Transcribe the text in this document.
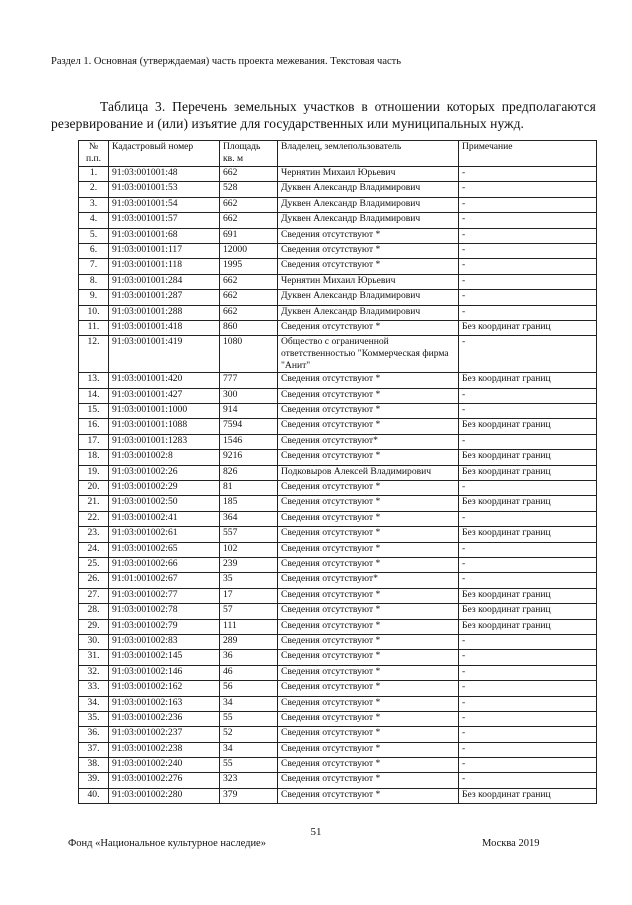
Раздел 1. Основная (утверждаемая) часть проекта межевания. Текстовая часть
Таблица 3. Перечень земельных участков в отношении которых предполагаются резервирование и (или) изъятие для государственных или муниципальных нужд.
№ п.п.	Кадастровый номер	Площадь кв. м	Владелец, землепользователь	Примечание
1.	91:03:001001:48	662	Чернятин Михаил Юрьевич	-
2.	91:03:001001:53	528	Дуквен Александр Владимирович	-
3.	91:03:001001:54	662	Дуквен Александр Владимирович	-
4.	91:03:001001:57	662	Дуквен Александр Владимирович	-
5.	91:03:001001:68	691	Сведения отсутствуют *	-
6.	91:03:001001:117	12000	Сведения отсутствуют *	-
7.	91:03:001001:118	1995	Сведения отсутствуют *	-
8.	91:03:001001:284	662	Чернятин Михаил Юрьевич	-
9.	91:03:001001:287	662	Дуквен Александр Владимирович	-
10.	91:03:001001:288	662	Дуквен Александр Владимирович	-
11.	91:03:001001:418	860	Сведения отсутствуют *	Без координат границ
12.	91:03:001001:419	1080	Общество с ограниченной ответственностью "Коммерческая фирма "Анит"	-
13.	91:03:001001:420	777	Сведения отсутствуют *	Без координат границ
14.	91:03:001001:427	300	Сведения отсутствуют *	-
15.	91:03:001001:1000	914	Сведения отсутствуют *	-
16.	91:03:001001:1088	7594	Сведения отсутствуют *	Без координат границ
17.	91:03:001001:1283	1546	Сведения отсутствуют*	-
18.	91:03:001002:8	9216	Сведения отсутствуют *	Без координат границ
19.	91:03:001002:26	826	Подковыров Алексей Владимирович	Без координат границ
20.	91:03:001002:29	81	Сведения отсутствуют *	-
21.	91:03:001002:50	185	Сведения отсутствуют *	Без координат границ
22.	91:03:001002:41	364	Сведения отсутствуют *	-
23.	91:03:001002:61	557	Сведения отсутствуют *	Без координат границ
24.	91:03:001002:65	102	Сведения отсутствуют *	-
25.	91:03:001002:66	239	Сведения отсутствуют *	-
26.	91:01:001002:67	35	Сведения отсутствуют*	-
27.	91:03:001002:77	17	Сведения отсутствуют *	Без координат границ
28.	91:03:001002:78	57	Сведения отсутствуют *	Без координат границ
29.	91:03:001002:79	111	Сведения отсутствуют *	Без координат границ
30.	91:03:001002:83	289	Сведения отсутствуют *	-
31.	91:03:001002:145	36	Сведения отсутствуют *	-
32.	91:03:001002:146	46	Сведения отсутствуют *	-
33.	91:03:001002:162	56	Сведения отсутствуют *	-
34.	91:03:001002:163	34	Сведения отсутствуют *	-
35.	91:03:001002:236	55	Сведения отсутствуют *	-
36.	91:03:001002:237	52	Сведения отсутствуют *	-
37.	91:03:001002:238	34	Сведения отсутствуют *	-
38.	91:03:001002:240	55	Сведения отсутствуют *	-
39.	91:03:001002:276	323	Сведения отсутствуют *	-
40.	91:03:001002:280	379	Сведения отсутствуют *	Без координат границ
51
Фонд «Национальное культурное наследие»	Москва 2019
